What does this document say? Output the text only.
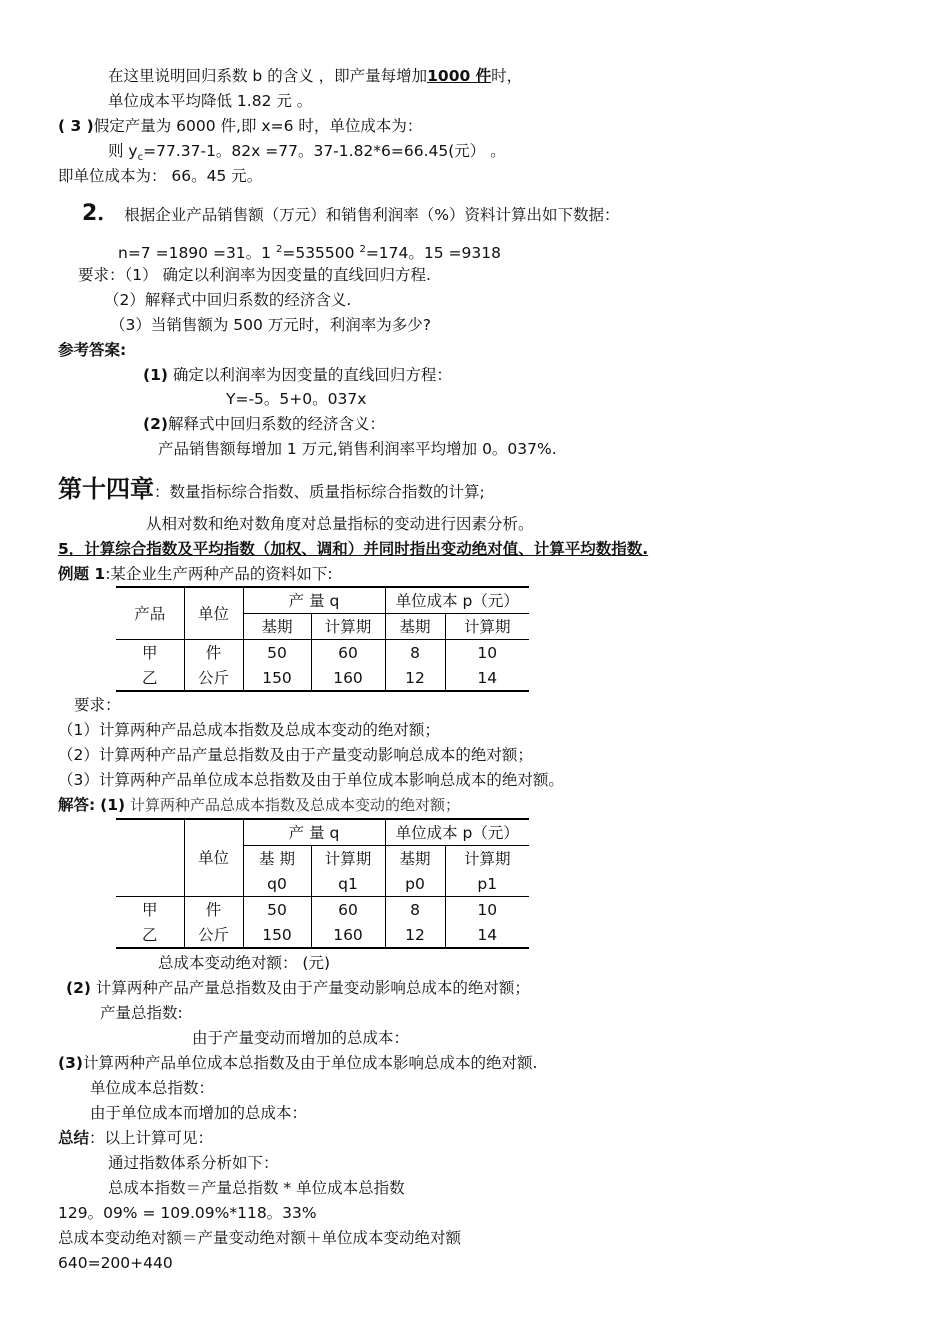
在这里说明回归系数 b 的含义 ，即产量每增加1000 件时，
单位成本平均降低 1.82 元 。
( 3 )假定产量为 6000 件,即 x=6 时，单位成本为：
则 $y_c=77.37-1$。82x =77。37-1.82*6=66.45(元） 。
即单位成本为： 66。45 元。
2． 根据企业产品销售额（万元）和销售利润率（%）资料计算出如下数据：
n=7 =1890 =31。1 $^2$=535500 $^2$=174。15 =9318
要求：（1） 确定以利润率为因变量的直线回归方程.
（2）解释式中回归系数的经济含义.
（3）当销售额为 500 万元时，利润率为多少?
参考答案:
(1) 确定以利润率为因变量的直线回归方程：
Y=-5。5+0。037x
(2)解释式中回归系数的经济含义：
产品销售额每增加 1 万元,销售利润率平均增加 0。037%.
第十四章：数量指标综合指数、质量指标综合指数的计算;
从相对数和绝对数角度对总量指标的变动进行因素分析。
5．计算综合指数及平均指数（加权、调和）并同时指出变动绝对值、计算平均数指数.
例题 1:某企业生产两种产品的资料如下:
产品	单位	产 量 q		单位成本 p（元）	
		基期	计算期	基期	计算期
甲	件	50	60	8	10
乙	公斤	150	160	12	14
要求：
（1）计算两种产品总成本指数及总成本变动的绝对额；
（2）计算两种产品产量总指数及由于产量变动影响总成本的绝对额；
（3）计算两种产品单位成本总指数及由于单位成本影响总成本的绝对额。
解答: (1) 计算两种产品总成本指数及总成本变动的绝对额；
	单位	产 量 q		单位成本 p（元）	
		基 期	计算期	基期	计算期
		q0	q1	p0	p1
甲	件	50	60	8	10
乙	公斤	150	160	12	14
总成本变动绝对额： (元)
(2) 计算两种产品产量总指数及由于产量变动影响总成本的绝对额；
产量总指数:
由于产量变动而增加的总成本：
(3)计算两种产品单位成本总指数及由于单位成本影响总成本的绝对额.
单位成本总指数：
由于单位成本而增加的总成本：
总结：以上计算可见：
通过指数体系分析如下：
总成本指数＝产量总指数 * 单位成本总指数
129。09% = 109.09%*118。33%
总成本变动绝对额＝产量变动绝对额＋单位成本变动绝对额
640=200+440
